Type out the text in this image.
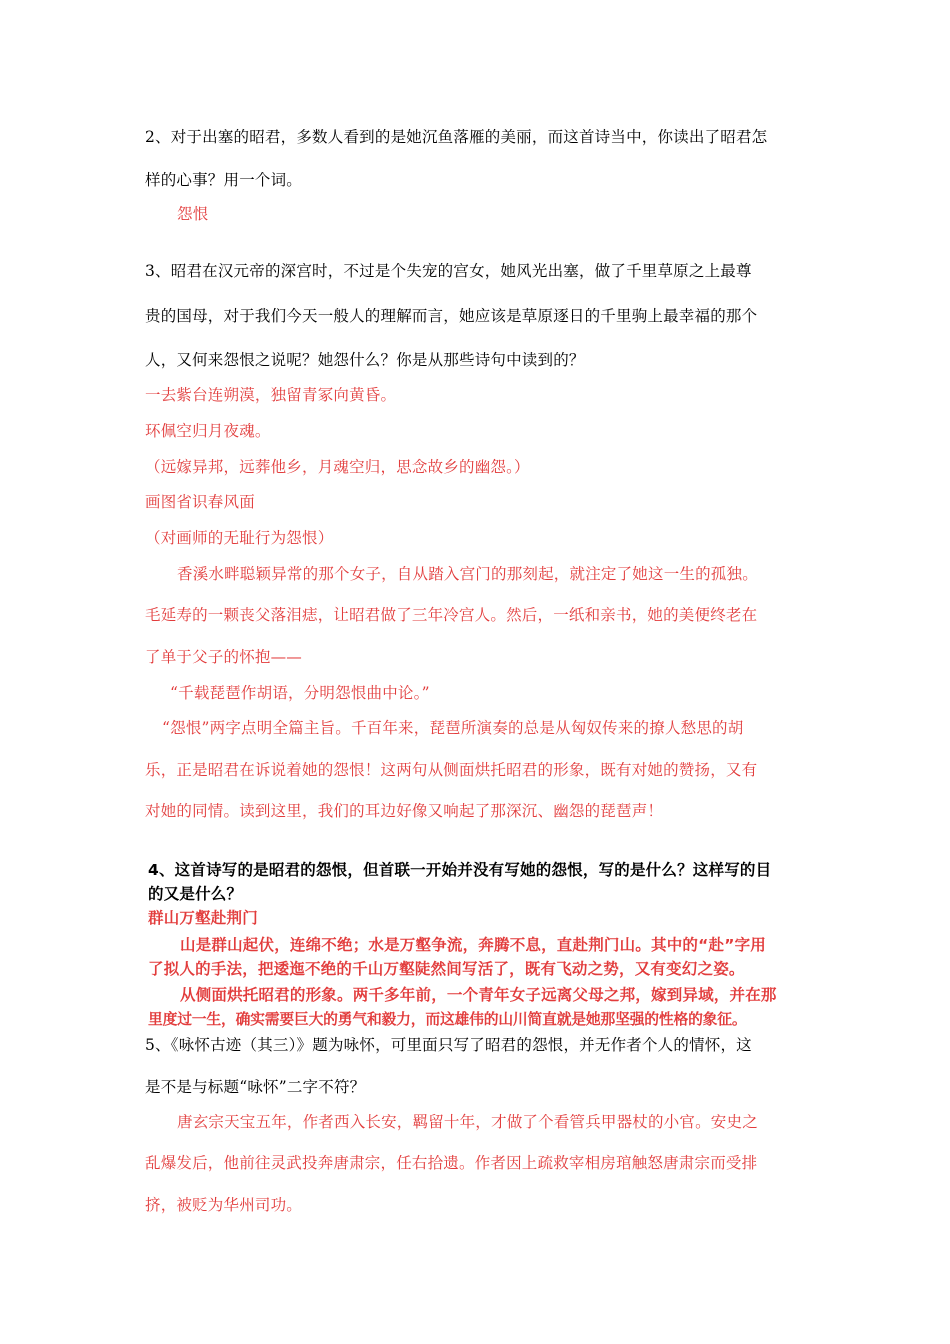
2、对于出塞的昭君，多数人看到的是她沉鱼落雁的美丽，而这首诗当中，你读出了昭君怎
样的心事？用一个词。
怨恨
3、昭君在汉元帝的深宫时，不过是个失宠的宫女，她风光出塞，做了千里草原之上最尊
贵的国母，对于我们今天一般人的理解而言，她应该是草原逐日的千里驹上最幸福的那个
人，又何来怨恨之说呢？她怨什么？你是从那些诗句中读到的？
一去紫台连朔漠，独留青冢向黄昏。
环佩空归月夜魂。
（远嫁异邦，远葬他乡，月魂空归，思念故乡的幽怨。）
画图省识春风面
（对画师的无耻行为怨恨）
香溪水畔聪颖异常的那个女子，自从踏入宫门的那刻起，就注定了她这一生的孤独。
毛延寿的一颗丧父落泪痣，让昭君做了三年冷宫人。然后，一纸和亲书，她的美便终老在
了单于父子的怀抱——
“千载琵琶作胡语，分明怨恨曲中论。”
“怨恨”两字点明全篇主旨。千百年来，琵琶所演奏的总是从匈奴传来的撩人愁思的胡
乐，正是昭君在诉说着她的怨恨！这两句从侧面烘托昭君的形象，既有对她的赞扬，又有
对她的同情。读到这里，我们的耳边好像又响起了那深沉、幽怨的琵琶声！
4、这首诗写的是昭君的怨恨，但首联一开始并没有写她的怨恨，写的是什么？这样写的目
的又是什么？
群山万壑赴荆门
山是群山起伏，连绵不绝；水是万壑争流，奔腾不息，直赴荆门山。其中的“赴”字用
了拟人的手法，把逶迤不绝的千山万壑陡然间写活了，既有飞动之势，又有变幻之姿。
从侧面烘托昭君的形象。两千多年前，一个青年女子远离父母之邦，嫁到异域，并在那
里度过一生，确实需要巨大的勇气和毅力，而这雄伟的山川简直就是她那坚强的性格的象征。
5、《咏怀古迹（其三）》题为咏怀，可里面只写了昭君的怨恨，并无作者个人的情怀，这
是不是与标题“咏怀”二字不符？
唐玄宗天宝五年，作者西入长安，羁留十年，才做了个看管兵甲器杖的小官。安史之
乱爆发后，他前往灵武投奔唐肃宗，任右拾遗。作者因上疏救宰相房琯触怒唐肃宗而受排
挤，被贬为华州司功。
